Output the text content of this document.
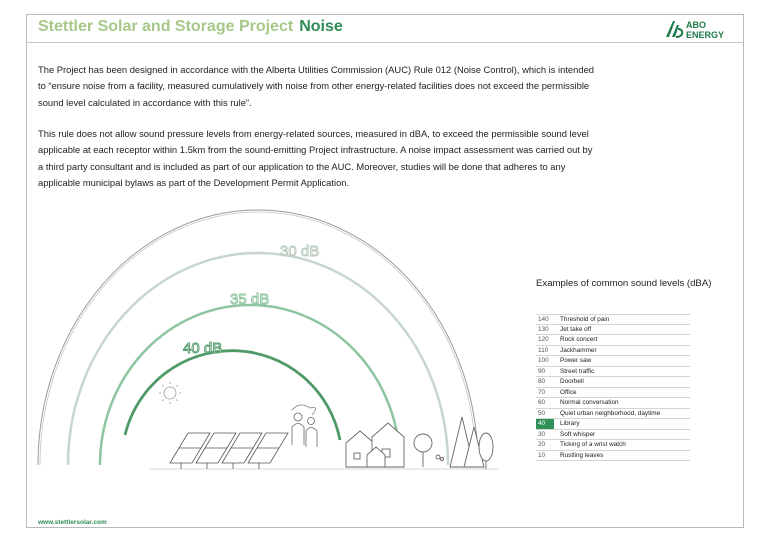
Stettler Solar and Storage Project Noise	ABO
ENERGY

The Project has been designed in accordance with the Alberta Utilities Commission (AUC) Rule 012 (Noise Control), which is intended to “ensure noise from a facility, measured cumulatively with noise from other energy-related facilities does not exceed the permissible sound level calculated in accordance with this rule”.

This rule does not allow sound pressure levels from energy-related sources, measured in dBA, to exceed the permissible sound level applicable at each receptor within 1.5km from the sound-emitting Project infrastructure. A noise impact assessment was carried out by a third party consultant and is included as part of our application to the AUC. Moreover, studies will be done that adheres to any applicable municipal bylaws as part of the Development Permit Application.

40 dB
35 dB
30 dB
Examples of common sound levels (dBA)
140	Threshold of pain
130	Jet take off
120	Rock concert
110	Jackhammer
100	Power saw
90	Street traffic
80	Doorbell
70	Office
60	Normal conversation
50	Quiet urban neighborhood, daytime
40	Library
30	Soft whisper
20	Ticking of a wrist watch
10	Rustling leaves
www.stettlersolar.com
